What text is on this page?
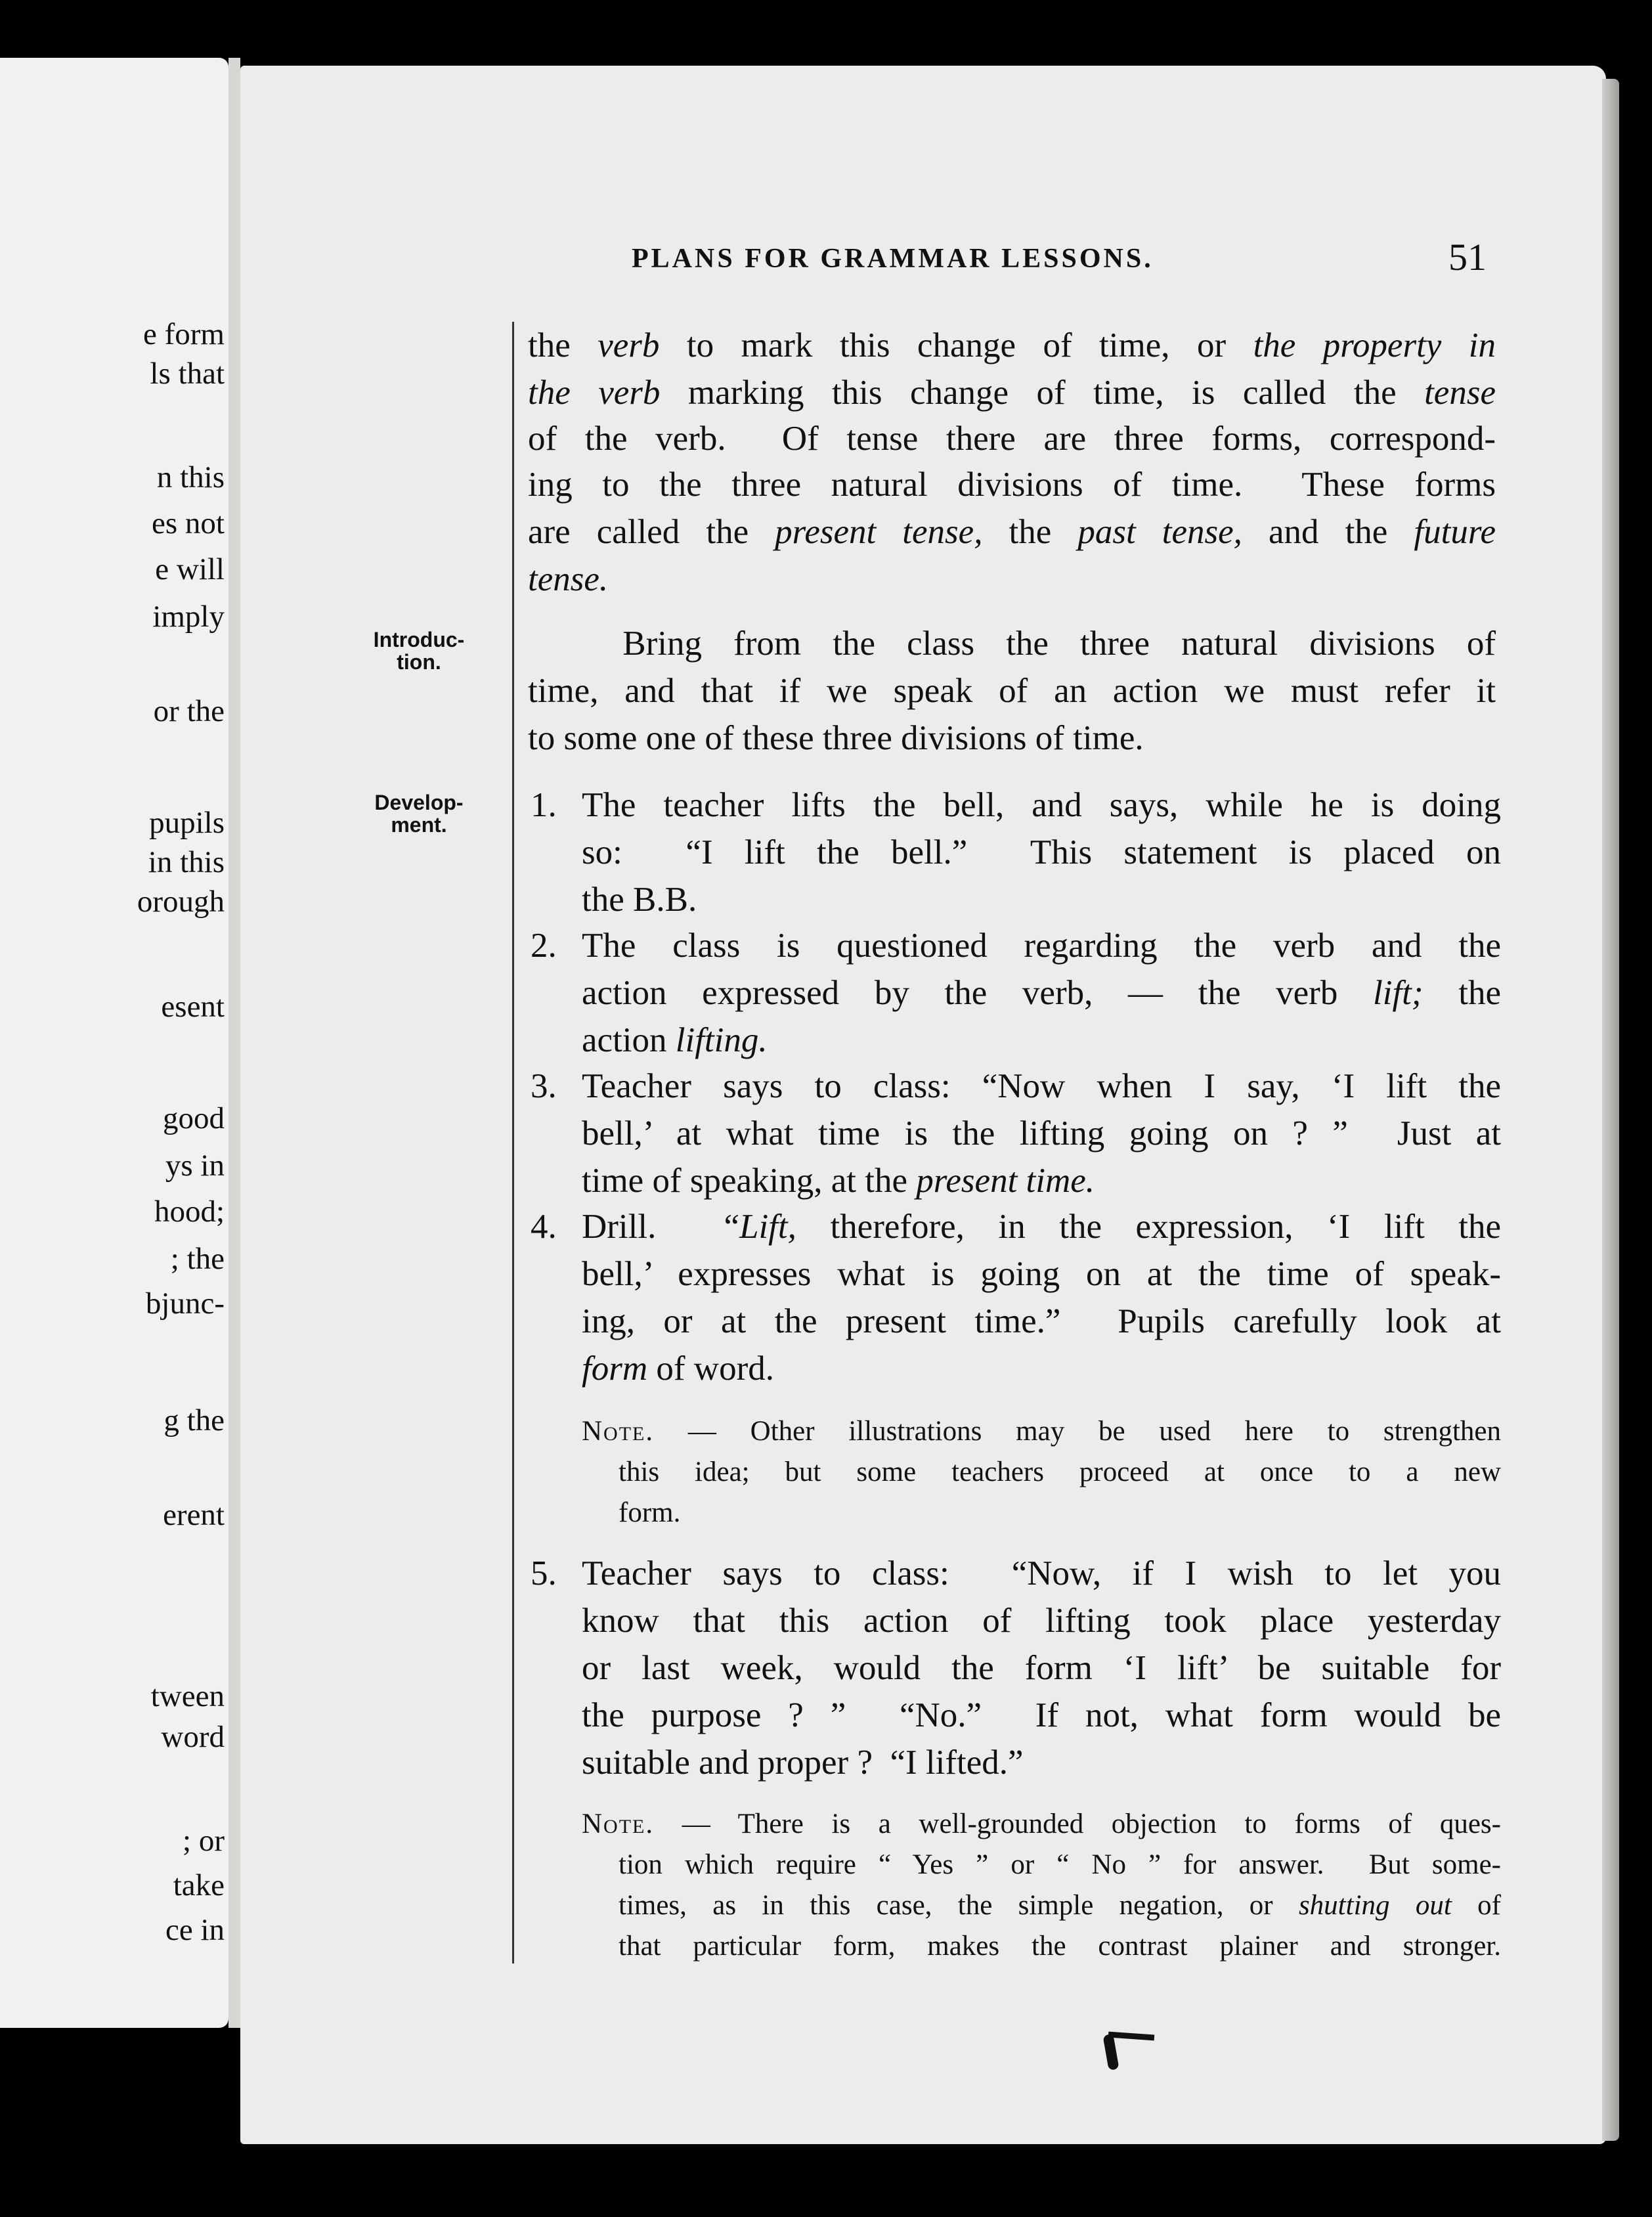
e form
ls that
n this
es not
e will
imply
or the
pupils
in this
orough
esent
good
ys in
hood;
; the
bjunc-
g the
erent
tween
word
; or
take
ce in
PLANS FOR GRAMMAR LESSONS.	51
Introduc-
tion.
Develop-
ment.
the verb to mark this change of time, or the property in
the verb marking this change of time, is called the tense
of the verb.  Of tense there are three forms, correspond-
ing to the three natural divisions of time.  These forms
are called the present tense, the past tense, and the future
tense.
Bring from the class the three natural divisions of
time, and that if we speak of an action we must refer it
to some one of these three divisions of time.
1. The teacher lifts the bell, and says, while he is doing
so:  “I lift the bell.”  This statement is placed on
the B.B.
2. The class is questioned regarding the verb and the
action expressed by the verb, — the verb lift; the
action lifting.
3. Teacher says to class: “Now when I say, ‘I lift the
bell,’ at what time is the lifting going on ? ”  Just at
time of speaking, at the present time.
4. Drill.  “Lift, therefore, in the expression, ‘I lift the
bell,’ expresses what is going on at the time of speak-
ing, or at the present time.”  Pupils carefully look at
form of word.
5. Teacher says to class:  “Now, if I wish to let you
know that this action of lifting took place yesterday
or last week, would the form ‘I lift’ be suitable for
the purpose ? ”  “No.”  If not, what form would be
suitable and proper ?  “I lifted.”
Note. — Other illustrations may be used here to strengthen
this idea; but some teachers proceed at once to a new
form.
Note. — There is a well-grounded objection to forms of ques-
tion which require “ Yes ” or “ No ” for answer.  But some-
times, as in this case, the simple negation, or shutting out of
that particular form, makes the contrast plainer and stronger.
